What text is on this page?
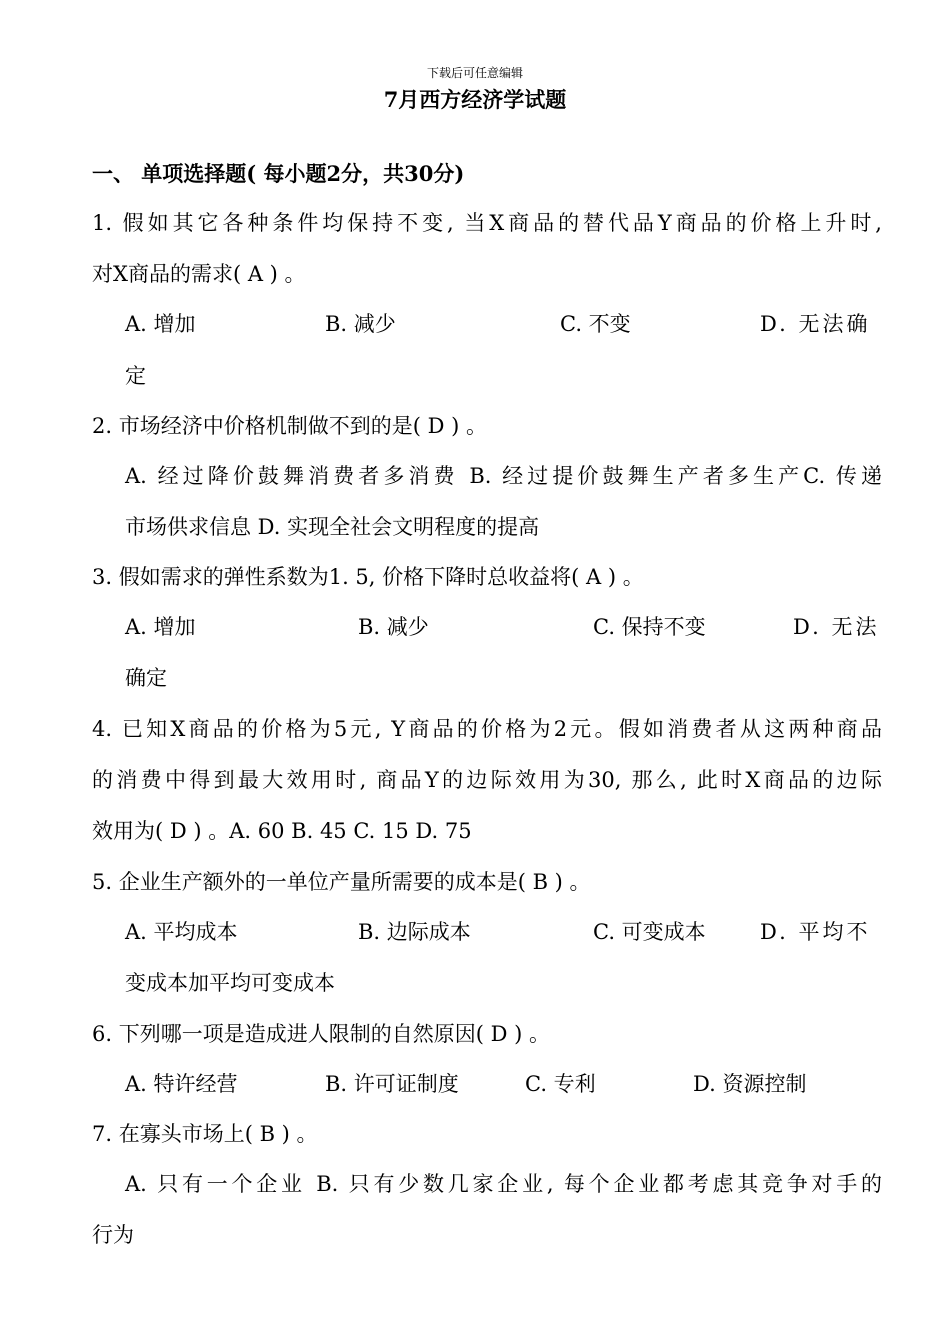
下载后可任意编辑
7月西方经济学试题
一、 单项选择题( 每小题2分，共30分)
1. 假如其它各种条件均保持不变, 当X商品的替代品Y商品的价格上升时,
对X商品的需求( A ) 。
A. 增加	B. 减少	C. 不变	D. 无法确
定
2. 市场经济中价格机制做不到的是( D ) 。
A. 经过降价鼓舞消费者多消费 B. 经过提价鼓舞生产者多生产C. 传递
市场供求信息 D. 实现全社会文明程度的提高
3. 假如需求的弹性系数为1. 5, 价格下降时总收益将( A ) 。
A. 增加	B. 减少	C. 保持不变	D. 无法
确定
4. 已知X商品的价格为5元, Y商品的价格为2元。假如消费者从这两种商品
的消费中得到最大效用时, 商品Y的边际效用为30, 那么, 此时X商品的边际
效用为( D ) 。A. 60 B. 45 C. 15 D. 75
5. 企业生产额外的一单位产量所需要的成本是( B ) 。
A. 平均成本	B. 边际成本	C. 可变成本	D. 平均不
变成本加平均可变成本
6. 下列哪一项是造成进人限制的自然原因( D ) 。
A. 特许经营	B. 许可证制度	C. 专利	D. 资源控制
7. 在寡头市场上( B ) 。
A. 只有一个企业 B. 只有少数几家企业, 每个企业都考虑其竞争对手的
行为
